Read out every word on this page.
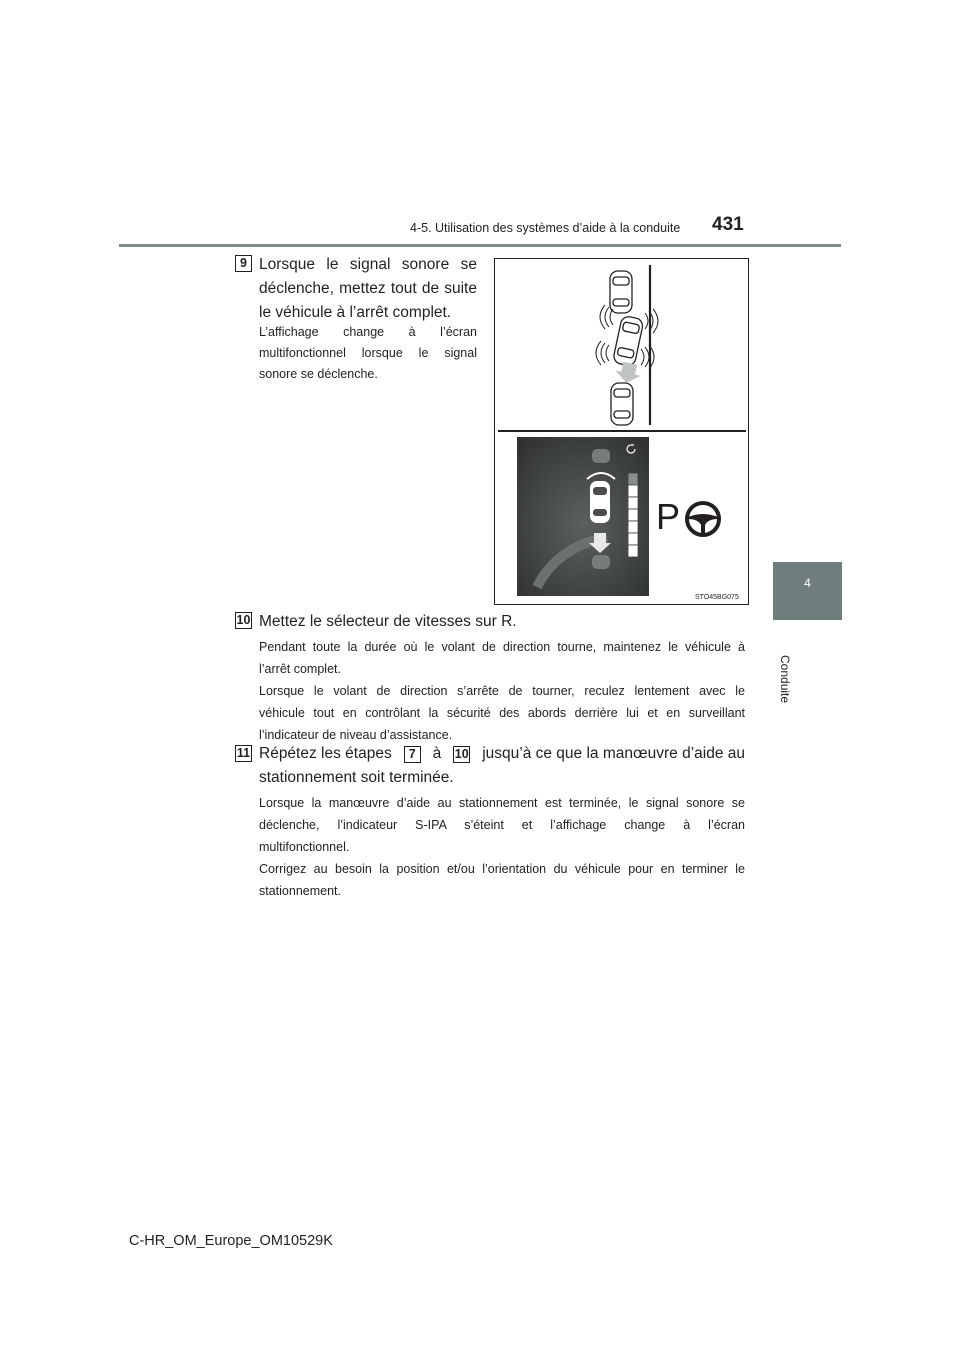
4-5. Utilisation des systèmes d’aide à la conduite 431
4
Conduite
9 Lorsque le signal sonore se
déclenche, mettez tout de suite
le véhicule à l’arrêt complet.
L’affichage change à l’écran
multifonctionnel lorsque le signal
sonore se déclenche.
P
STO45BG075
10 Mettez le sélecteur de vitesses sur R.
Pendant toute la durée où le volant de direction tourne, maintenez le véhicule à
l’arrêt complet.
Lorsque le volant de direction s’arrête de tourner, reculez lentement avec le
véhicule tout en contrôlant la sécurité des abords derrière lui et en surveillant
l’indicateur de niveau d’assistance.
11 Répétez les étapes	7	à 10 jusqu’à ce que la manœuvre d’aide au
stationnement soit terminée.
Lorsque la manœuvre d’aide au stationnement est terminée, le signal sonore se
déclenche, l’indicateur S-IPA s’éteint et l’affichage change à l’écran
multifonctionnel.
Corrigez au besoin la position et/ou l’orientation du véhicule pour en terminer le
stationnement.
C-HR_OM_Europe_OM10529K
